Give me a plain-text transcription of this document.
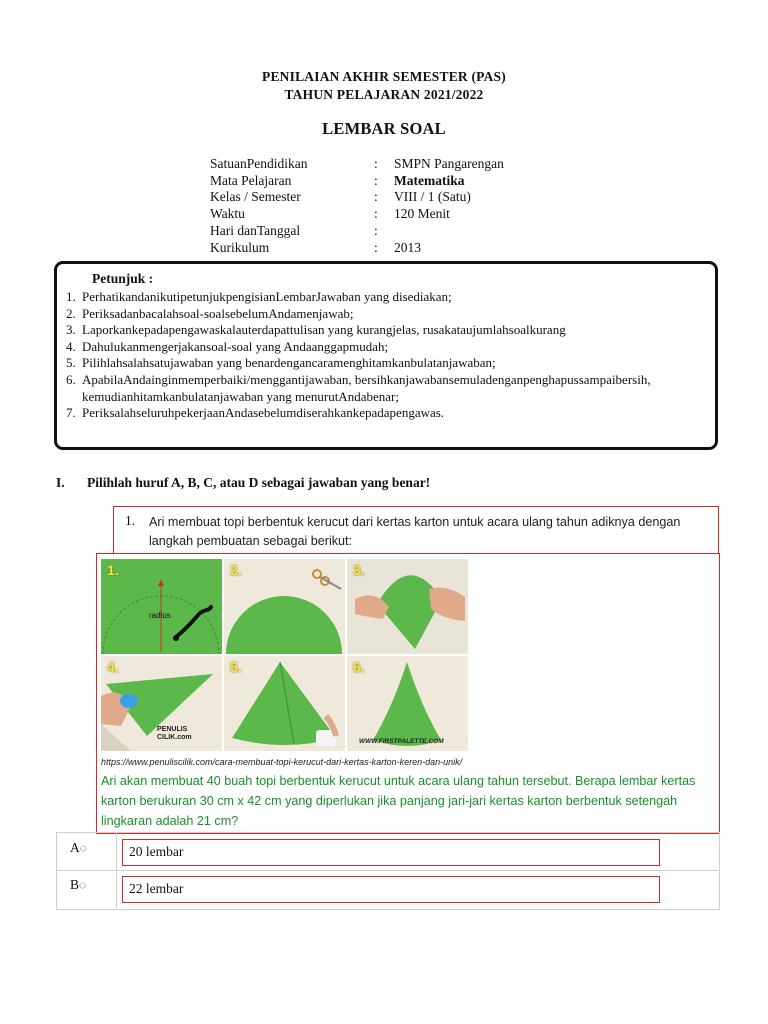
PENILAIAN AKHIR SEMESTER (PAS)
TAHUN PELAJARAN 2021/2022
LEMBAR SOAL
SatuanPendidikan	: SMPN Pangarengan
Mata Pelajaran	: Matematika
Kelas / Semester	: VIII / 1 (Satu)
Waktu	: 120 Menit
Hari danTanggal	:
Kurikulum	: 2013
Petunjuk :
1. PerhatikandanikutipetunjukpengisianLembarJawaban yang disediakan;
2. Periksadanbacalahsoal-soalsebelumAndamenjawab;
3. Laporkankepadapengawaskalauterdapattulisan yang kurangjelas, rusakataujumlahsoalkurang
4. Dahulukanmengerjakansoal-soal yang Andaanggapmudah;
5. Pilihlahsalahsatujawaban yang benardengancaramenghitamkanbulatanjawaban;
6. ApabilaAndainginmemperbaiki/menggantijawaban, bersihkanjawabansemuladenganpenghapussampaibersih, kemudianhitamkanbulatanjawaban yang menurutAndabenar;
7. PeriksalahseluruhpekerjaanAndasebelumdiserahkankepadapengawas.
I. Pilihlah huruf A, B, C, atau D sebagai jawaban yang benar!
1. Ari membuat topi berbentuk kerucut dari kertas karton untuk acara ulang tahun adiknya dengan langkah pembuatan sebagai berikut:
1.
radius
2.	3.
4.
PENULIS CILIK.com
5.	6.
WWW.FIRSTPALETTE.COM
https://www.penuliscilik.com/cara-membuat-topi-kerucut-dari-kertas-karton-keren-dan-unik/
Ari akan membuat 40 buah topi berbentuk kerucut untuk acara ulang tahun tersebut. Berapa lembar kertas karton berukuran 30 cm x 42 cm yang diperlukan jika panjang jari-jari kertas karton berbentuk setengah lingkaran adalah 21 cm?
A◌	20 lembar
B◌	22 lembar
